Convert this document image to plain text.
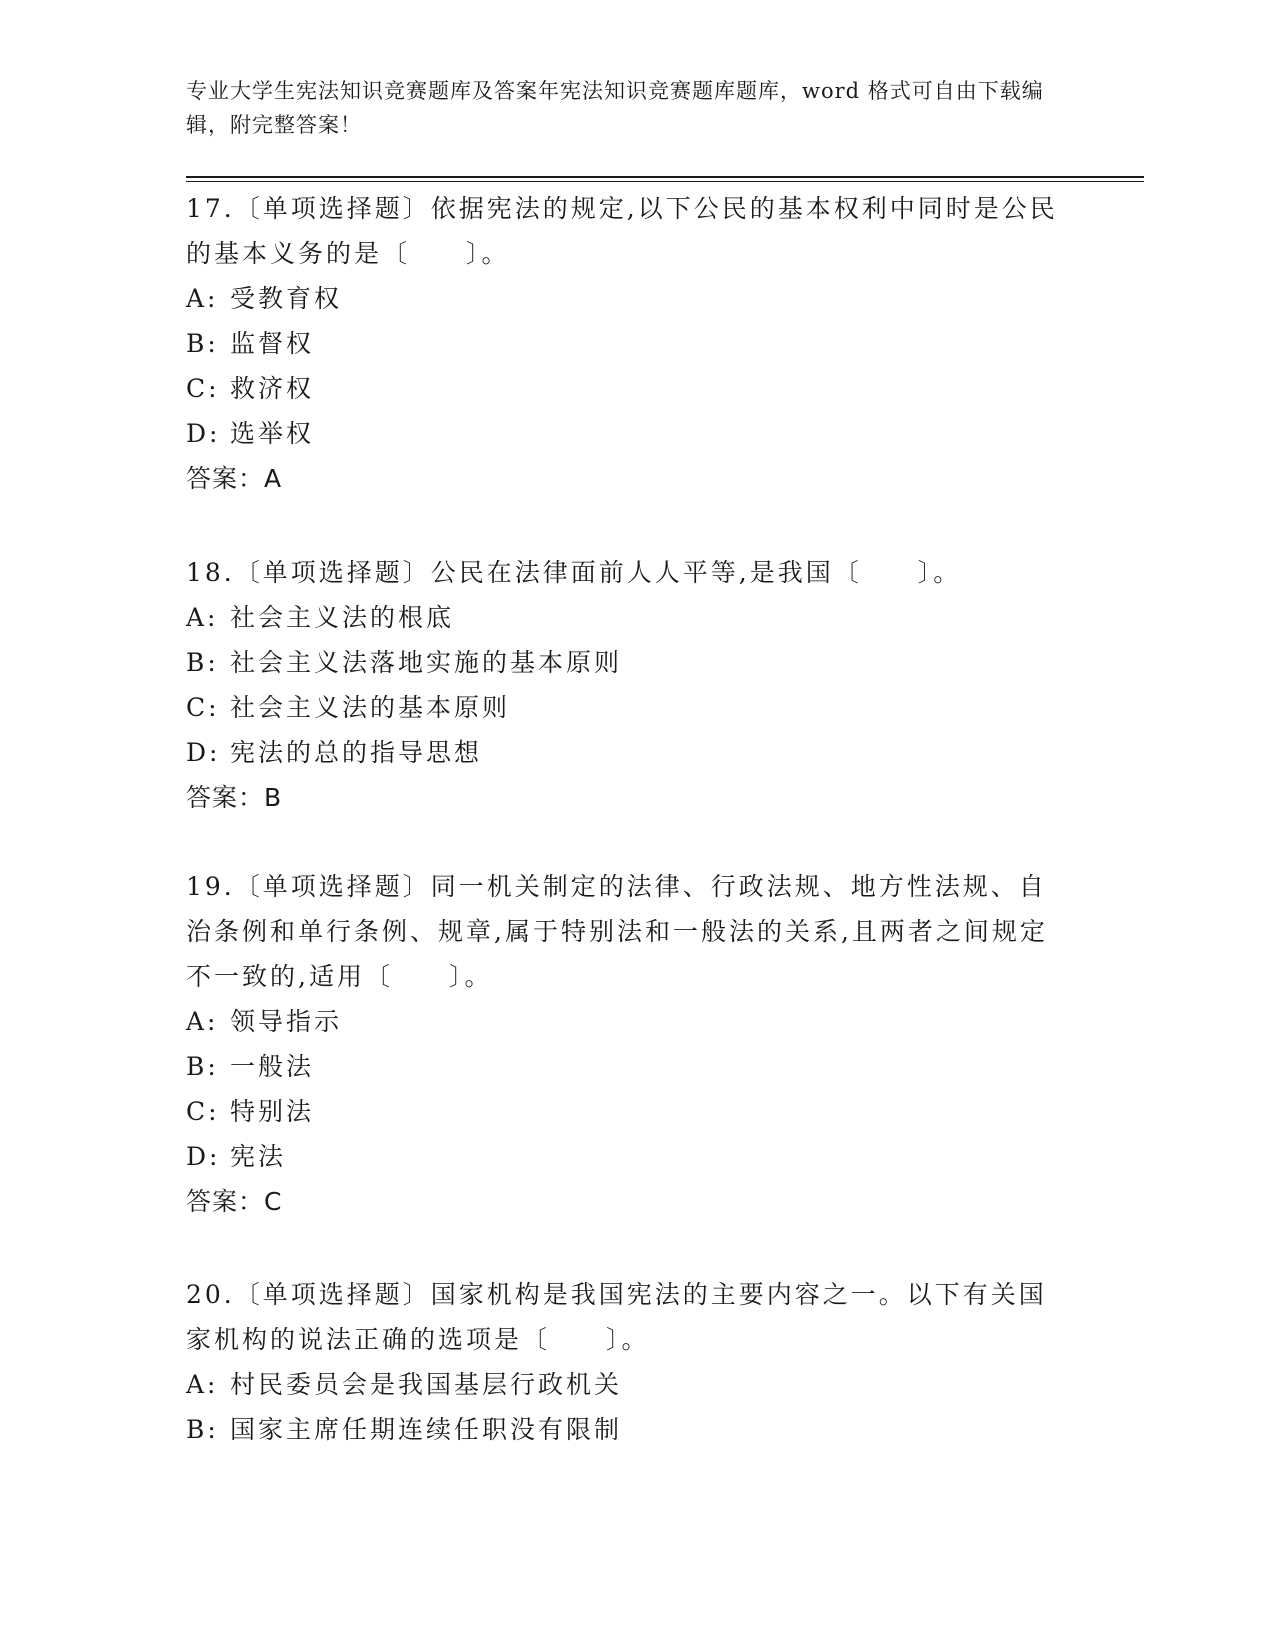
专业大学生宪法知识竞赛题库及答案年宪法知识竞赛题库题库，word 格式可自由下载编辑，附完整答案！
17.〔单项选择题〕依据宪法的规定,以下公民的基本权利中同时是公民的基本义务的是〔　　〕。
A: 受教育权
B: 监督权
C: 救济权
D: 选举权
答案：A
18.〔单项选择题〕公民在法律面前人人平等,是我国〔　　〕。
A: 社会主义法的根底
B: 社会主义法落地实施的基本原则
C: 社会主义法的基本原则
D: 宪法的总的指导思想
答案：B
19.〔单项选择题〕同一机关制定的法律、行政法规、地方性法规、自治条例和单行条例、规章,属于特别法和一般法的关系,且两者之间规定不一致的,适用〔　　〕。
A: 领导指示
B: 一般法
C: 特别法
D: 宪法
答案：C
20.〔单项选择题〕国家机构是我国宪法的主要内容之一。以下有关国家机构的说法正确的选项是〔　　〕。
A: 村民委员会是我国基层行政机关
B: 国家主席任期连续任职没有限制
